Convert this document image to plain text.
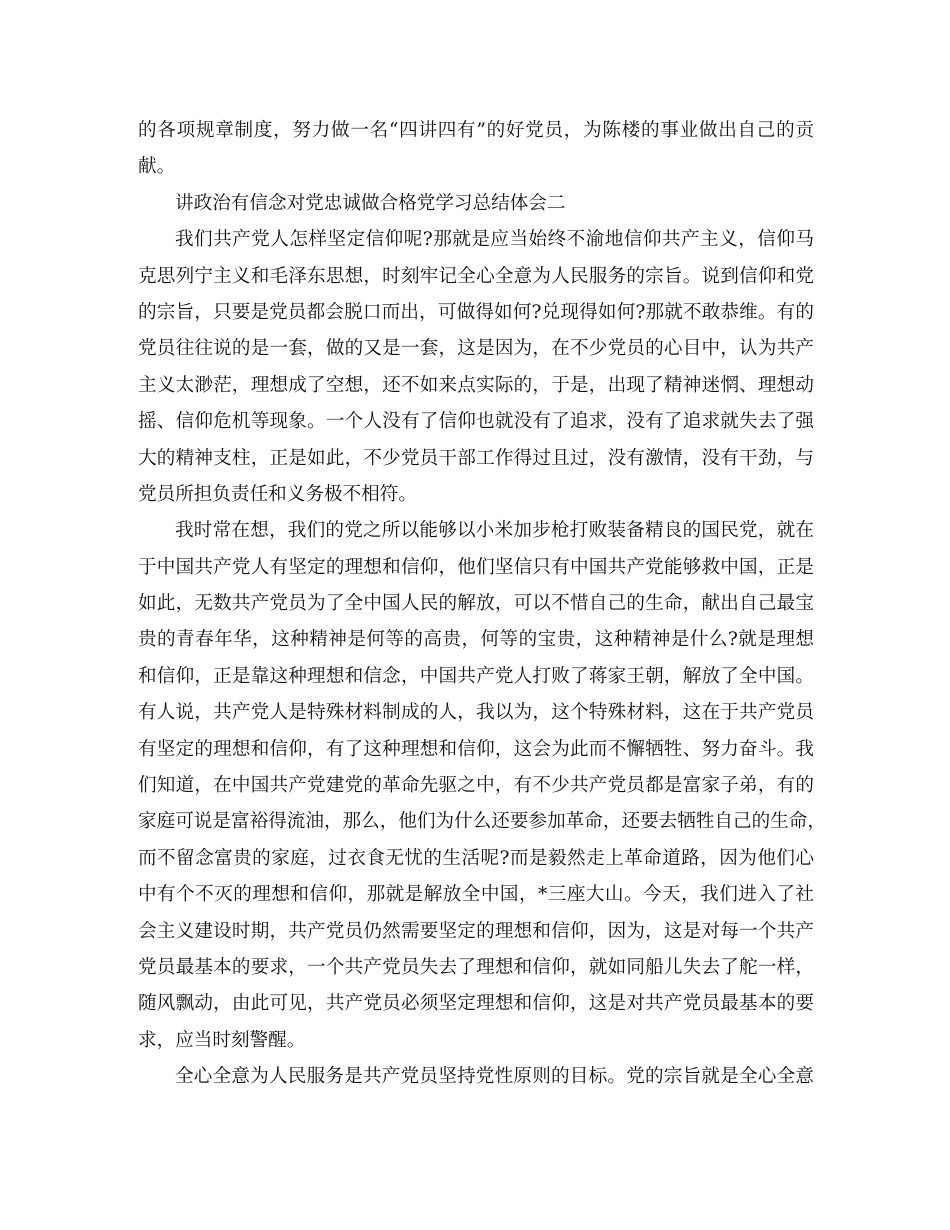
的各项规章制度，努力做一名“四讲四有”的好党员，为陈楼的事业做出自己的贡

献。

讲政治有信念对党忠诚做合格党学习总结体会二

我们共产党人怎样坚定信仰呢?那就是应当始终不渝地信仰共产主义，信仰马

克思列宁主义和毛泽东思想，时刻牢记全心全意为人民服务的宗旨。说到信仰和党

的宗旨，只要是党员都会脱口而出，可做得如何?兑现得如何?那就不敢恭维。有的

党员往往说的是一套，做的又是一套，这是因为，在不少党员的心目中，认为共产

主义太渺茫，理想成了空想，还不如来点实际的，于是，出现了精神迷惘、理想动

摇、信仰危机等现象。一个人没有了信仰也就没有了追求，没有了追求就失去了强

大的精神支柱，正是如此，不少党员干部工作得过且过，没有激情，没有干劲，与

党员所担负责任和义务极不相符。

我时常在想，我们的党之所以能够以小米加步枪打败装备精良的国民党，就在

于中国共产党人有坚定的理想和信仰，他们坚信只有中国共产党能够救中国，正是

如此，无数共产党员为了全中国人民的解放，可以不惜自己的生命，献出自己最宝

贵的青春年华，这种精神是何等的高贵，何等的宝贵，这种精神是什么?就是理想

和信仰，正是靠这种理想和信念，中国共产党人打败了蒋家王朝，解放了全中国。

有人说，共产党人是特殊材料制成的人，我以为，这个特殊材料，这在于共产党员

有坚定的理想和信仰，有了这种理想和信仰，这会为此而不懈牺牲、努力奋斗。我

们知道，在中国共产党建党的革命先驱之中，有不少共产党员都是富家子弟，有的

家庭可说是富裕得流油，那么，他们为什么还要参加革命，还要去牺牲自己的生命，

而不留念富贵的家庭，过衣食无忧的生活呢?而是毅然走上革命道路，因为他们心

中有个不灭的理想和信仰，那就是解放全中国，*三座大山。今天，我们进入了社

会主义建设时期，共产党员仍然需要坚定的理想和信仰，因为，这是对每一个共产

党员最基本的要求，一个共产党员失去了理想和信仰，就如同船儿失去了舵一样，

随风飘动，由此可见，共产党员必须坚定理想和信仰，这是对共产党员最基本的要

求，应当时刻警醒。

全心全意为人民服务是共产党员坚持党性原则的目标。党的宗旨就是全心全意
